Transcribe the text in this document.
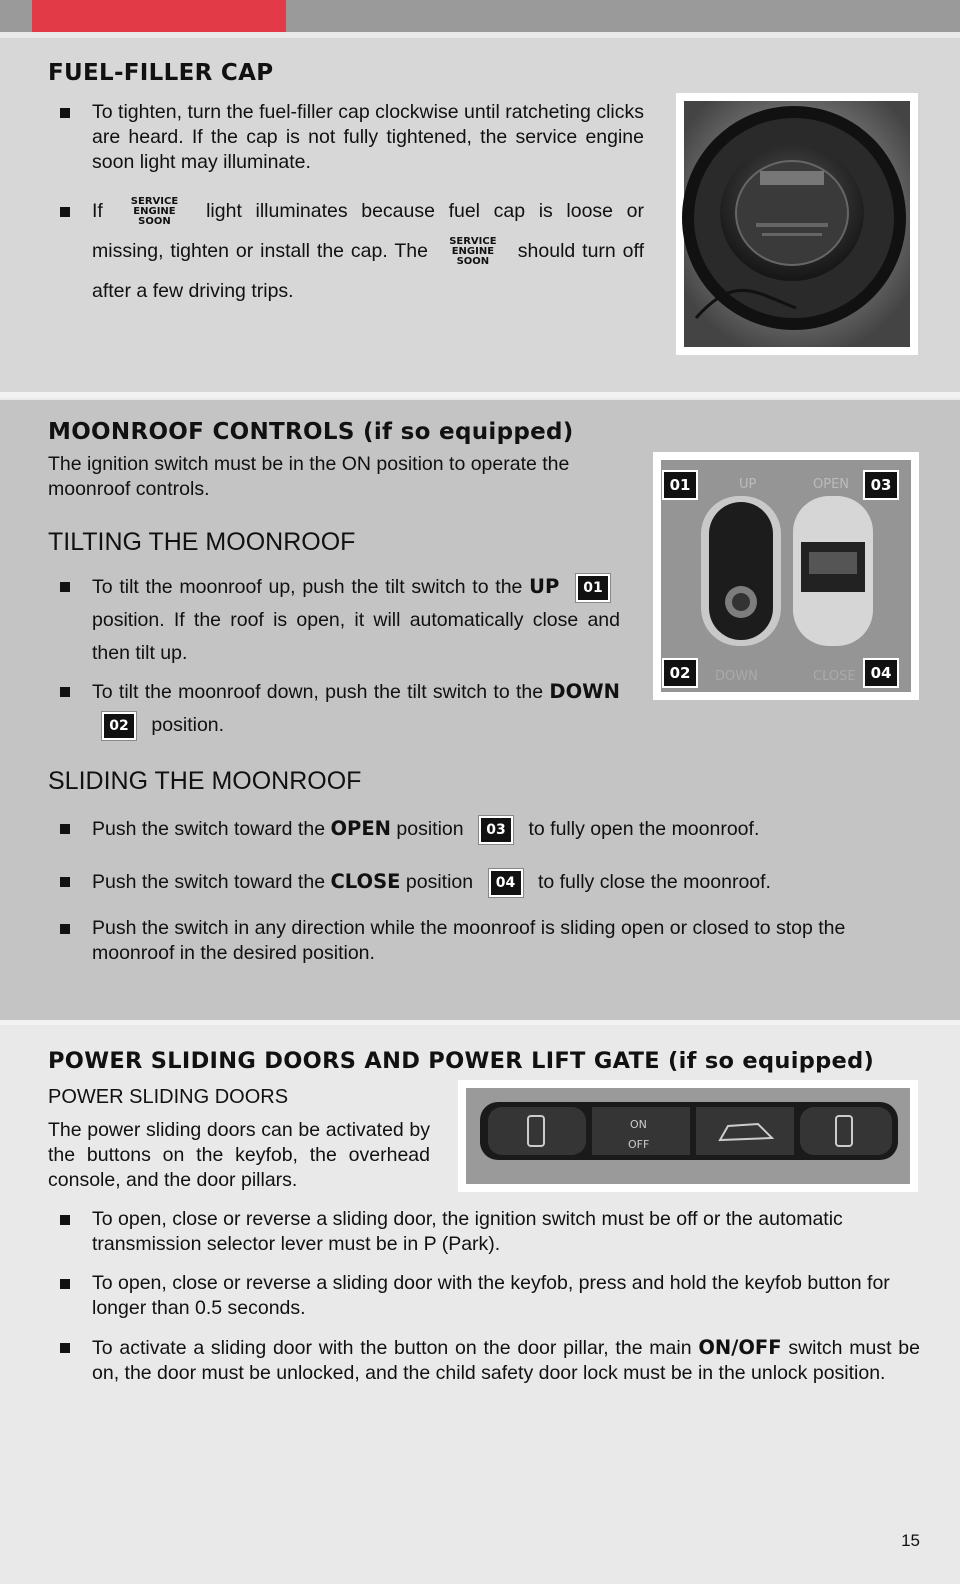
FUEL-FILLER CAP
To tighten, turn the fuel-filler cap clockwise until ratcheting clicks are heard. If the cap is not fully tightened, the service engine soon light may illuminate.
If	SERVICE
ENGINE
SOON light illuminates because fuel cap is loose or missing, tighten or install the cap. The SERVICE
ENGINE
SOON should turn off after a few driving trips.
MOONROOF CONTROLS (if so equipped)

The ignition switch must be in the ON position to operate the moonroof controls.

TILTING THE MOONROOF
To tilt the moonroof up, push the tilt switch to the UP 01 position. If the roof is open, it will automatically close and then tilt up.
To tilt the moonroof down, push the tilt switch to the DOWN 02 position.
SLIDING THE MOONROOF
Push the switch toward the OPEN position 03 to fully open the moonroof.
Push the switch toward the CLOSE position 04 to fully close the moonroof.
Push the switch in any direction while the moonroof is sliding open or closed to stop the moonroof in the desired position.
UP	OPEN
DOWN	CLOSE
01	03
02	04
POWER SLIDING DOORS AND POWER LIFT GATE (if so equipped)
POWER SLIDING DOORS

The power sliding doors can be activated by the buttons on the keyfob, the overhead console, and the door pillars.

ON
OFF
To open, close or reverse a sliding door, the ignition switch must be off or the automatic transmission selector lever must be in P (Park).
To open, close or reverse a sliding door with the keyfob, press and hold the keyfob button for longer than 0.5 seconds.
To activate a sliding door with the button on the door pillar, the main ON/OFF switch must be on, the door must be unlocked, and the child safety door lock must be in the unlock position.
15
